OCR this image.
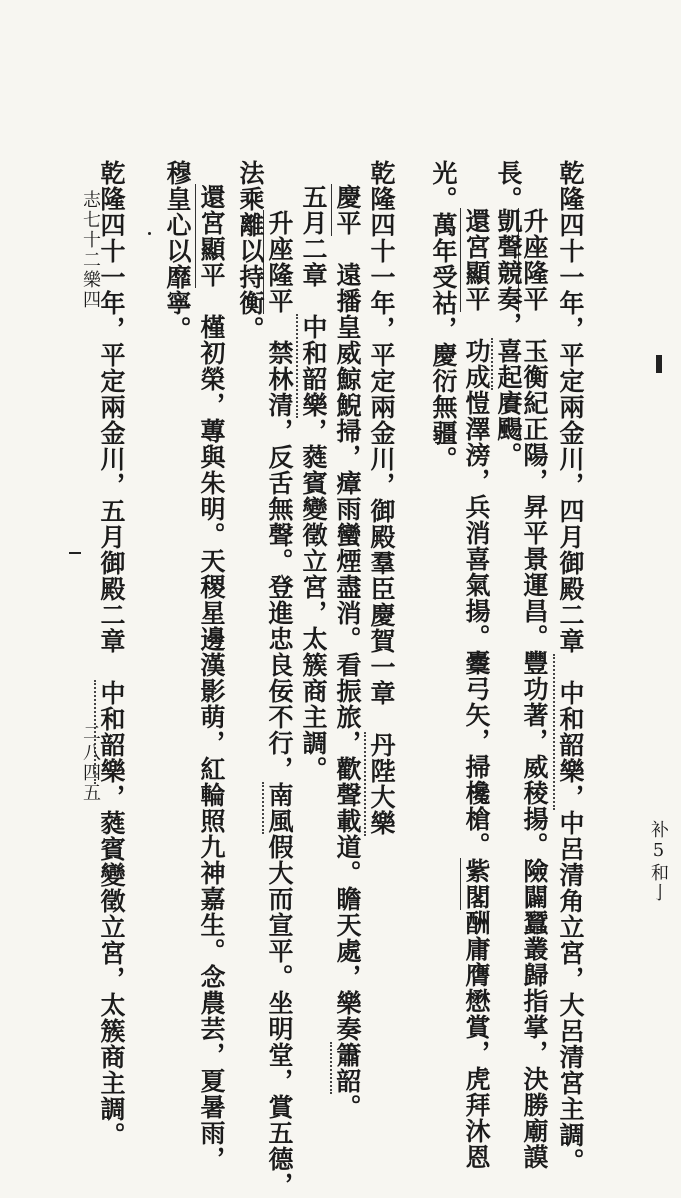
补5和亅
乾隆四十一年，平定兩金川，四月御殿二章　中和韶樂，中呂清角立宮，大呂清宮主調。
升座隆平　玉衡紀正陽，昇平景運昌。豐功著，威稜揚。險闢蠶叢歸指掌，決勝廟謨
長。
凱聲競奏，喜起賡颺。
還宮顯平　功成愷澤滂，兵消喜氣揚。櫜弓矢，掃欃槍。紫閣酬庸膺懋賞，虎拜沐恩
光。萬年受祜，慶衍無疆。
乾隆四十一年，平定兩金川，御殿羣臣慶賀一章　丹陛大樂
慶平　遠播皇威鯨鯢掃，瘴雨蠻煙盡消。看振旅，歡聲載道。瞻天處，樂奏簫韶。
五月二章　中和韶樂，蕤賓變徵立宮，太簇商主調。
升座隆平　禁林清，反舌無聲。登進忠良佞不行，南風假大而宣平。坐明堂，賞五德，
法乘離以持衡。
還宮顯平　槿初榮，蓴與朱明。天稷星邊漢影萌，紅輪照九神嘉生。念農芸，夏暑雨，
穆皇心以靡寧。
乾隆四十一年，平定兩金川，五月御殿二章　中和韶樂，蕤賓變徵立宮，太簇商主調。
志七十二
樂四
二八四五
